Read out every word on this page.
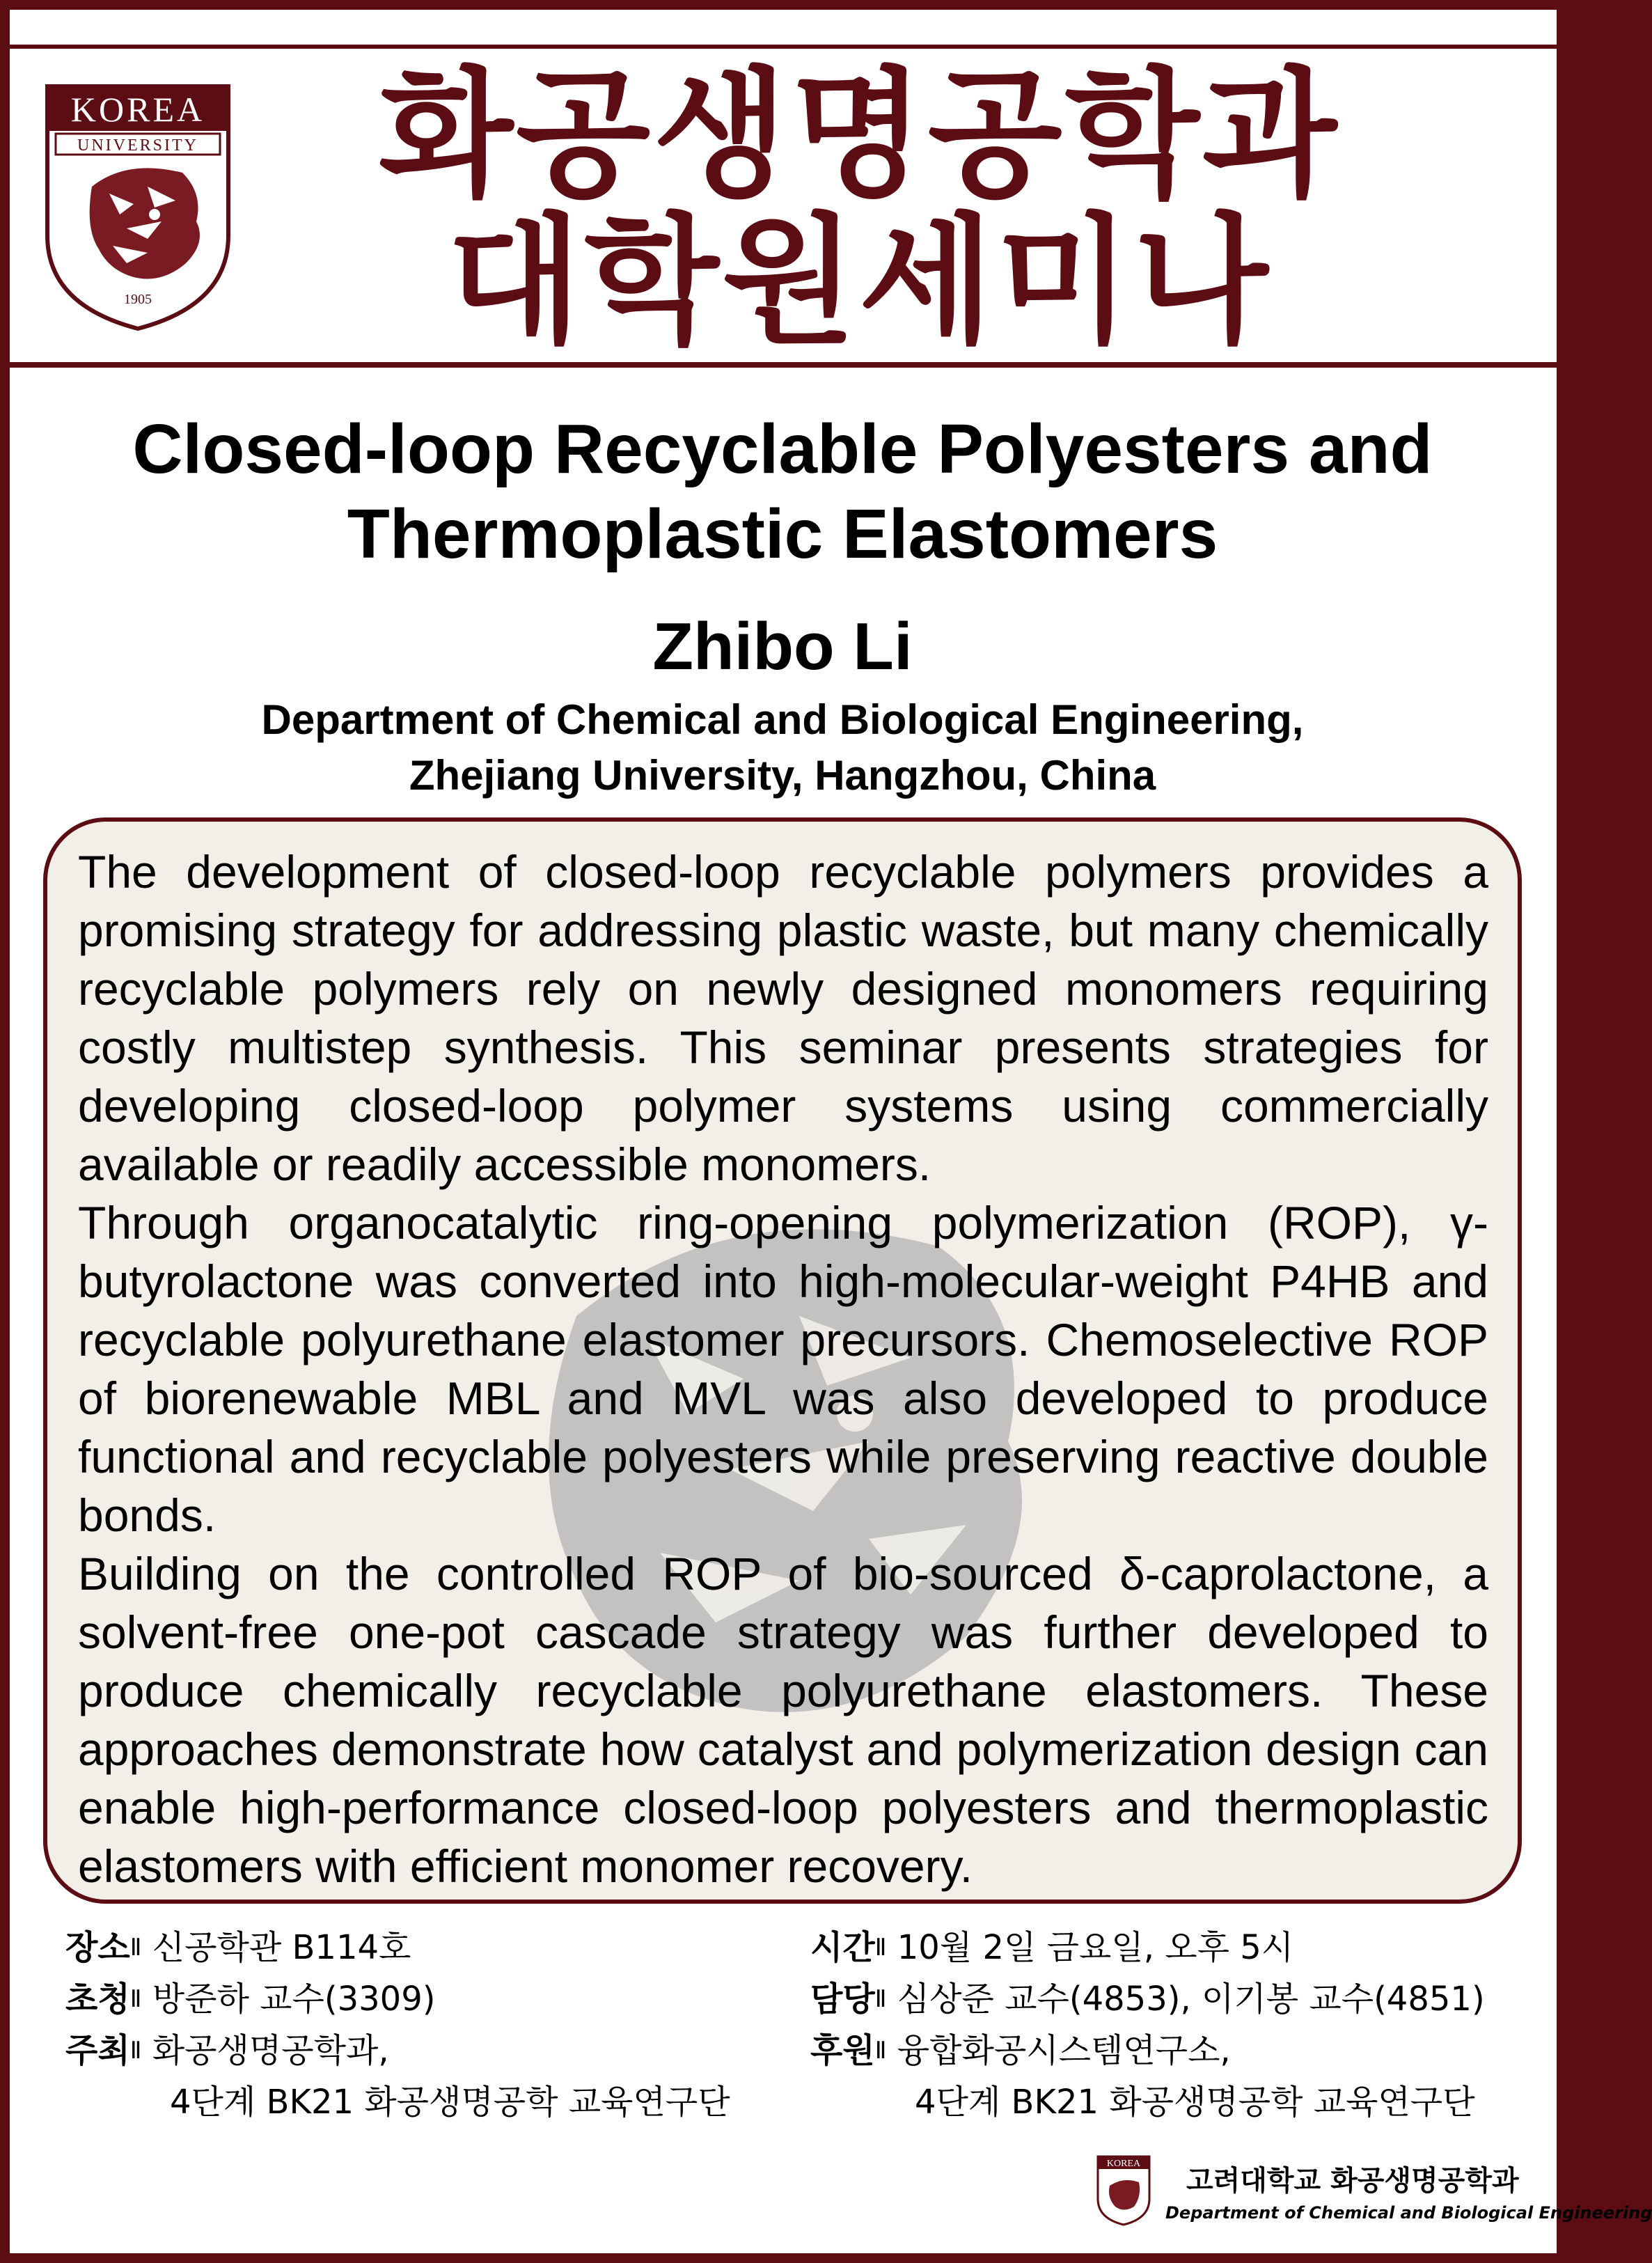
KOREA
UNIVERSITY
1905
화공생명공학과
대학원세미나
Closed-loop Recyclable Polyesters and
Thermoplastic Elastomers
Zhibo Li
Department of Chemical and Biological Engineering,
Zhejiang University, Hangzhou, China

The development of closed-loop recyclable polymers provides a promising strategy for addressing plastic waste, but many chemically recyclable polymers rely on newly designed monomers requiring costly multistep synthesis. This seminar presents strategies for developing closed-loop polymer systems using commercially available or readily accessible monomers.

Through organocatalytic ring-opening polymerization (ROP), γ-butyrolactone was converted into high-molecular-weight P4HB and recyclable polyurethane elastomer precursors. Chemoselective ROP of biorenewable MBL and MVL was also developed to produce functional and recyclable polyesters while preserving reactive double bonds.

Building on the controlled ROP of bio-sourced δ-caprolactone, a solvent-free one-pot cascade strategy was further developed to produce chemically recyclable polyurethane elastomers. These approaches demonstrate how catalyst and polymerization design can enable high-performance closed-loop polyesters and thermoplastic elastomers with efficient monomer recovery.

장소 Ⅱ
신공학관 B114호
초청 Ⅱ
방준하 교수(3309)
주최 Ⅱ
화공생명공학과,
4단계 BK21 화공생명공학 교육연구단
시간 Ⅱ
10월 2일 금요일, 오후 5시
담당 Ⅱ
심상준 교수(4853), 이기봉 교수(4851)
후원 Ⅱ
융합화공시스템연구소,
4단계 BK21 화공생명공학 교육연구단
KOREA
고려대학교 화공생명공학과
Department of Chemical and Biological Engineering
